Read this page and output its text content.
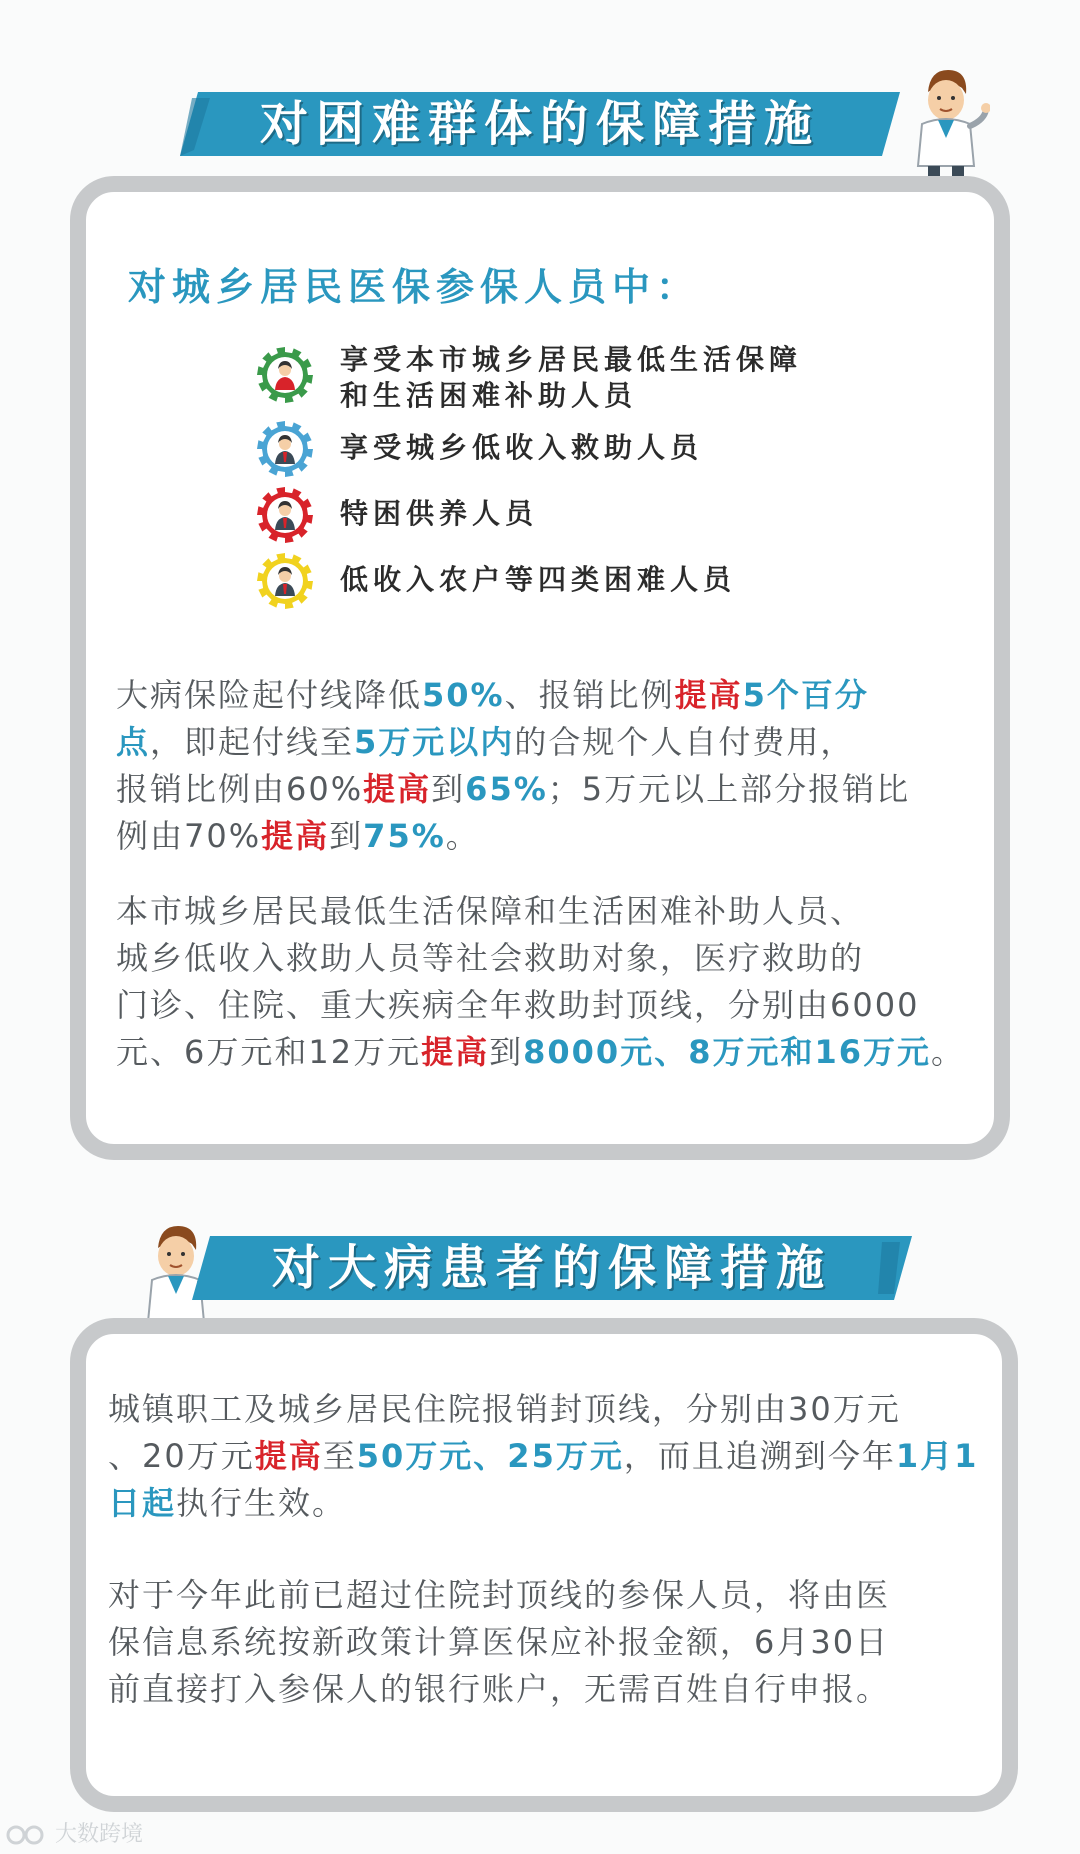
对困难群体的保障措施
对城乡居民医保参保人员中：
享受本市城乡居民最低生活保障
和生活困难补助人员
享受城乡低收入救助人员
特困供养人员
低收入农户等四类困难人员
大病保险起付线降低50%、报销比例提高5个百分
点，即起付线至5万元以内的合规个人自付费用，
报销比例由60%提高到65%；5万元以上部分报销比
例由70%提高到75%。
本市城乡居民最低生活保障和生活困难补助人员、
城乡低收入救助人员等社会救助对象，医疗救助的
门诊、住院、重大疾病全年救助封顶线，分别由6000
元、6万元和12万元提高到8000元、8万元和16万元。
对大病患者的保障措施
城镇职工及城乡居民住院报销封顶线，分别由30万元
、20万元提高至50万元、25万元，而且追溯到今年1月1
日起执行生效。
对于今年此前已超过住院封顶线的参保人员，将由医
保信息系统按新政策计算医保应补报金额，6月30日
前直接打入参保人的银行账户，无需百姓自行申报。
大数跨境
